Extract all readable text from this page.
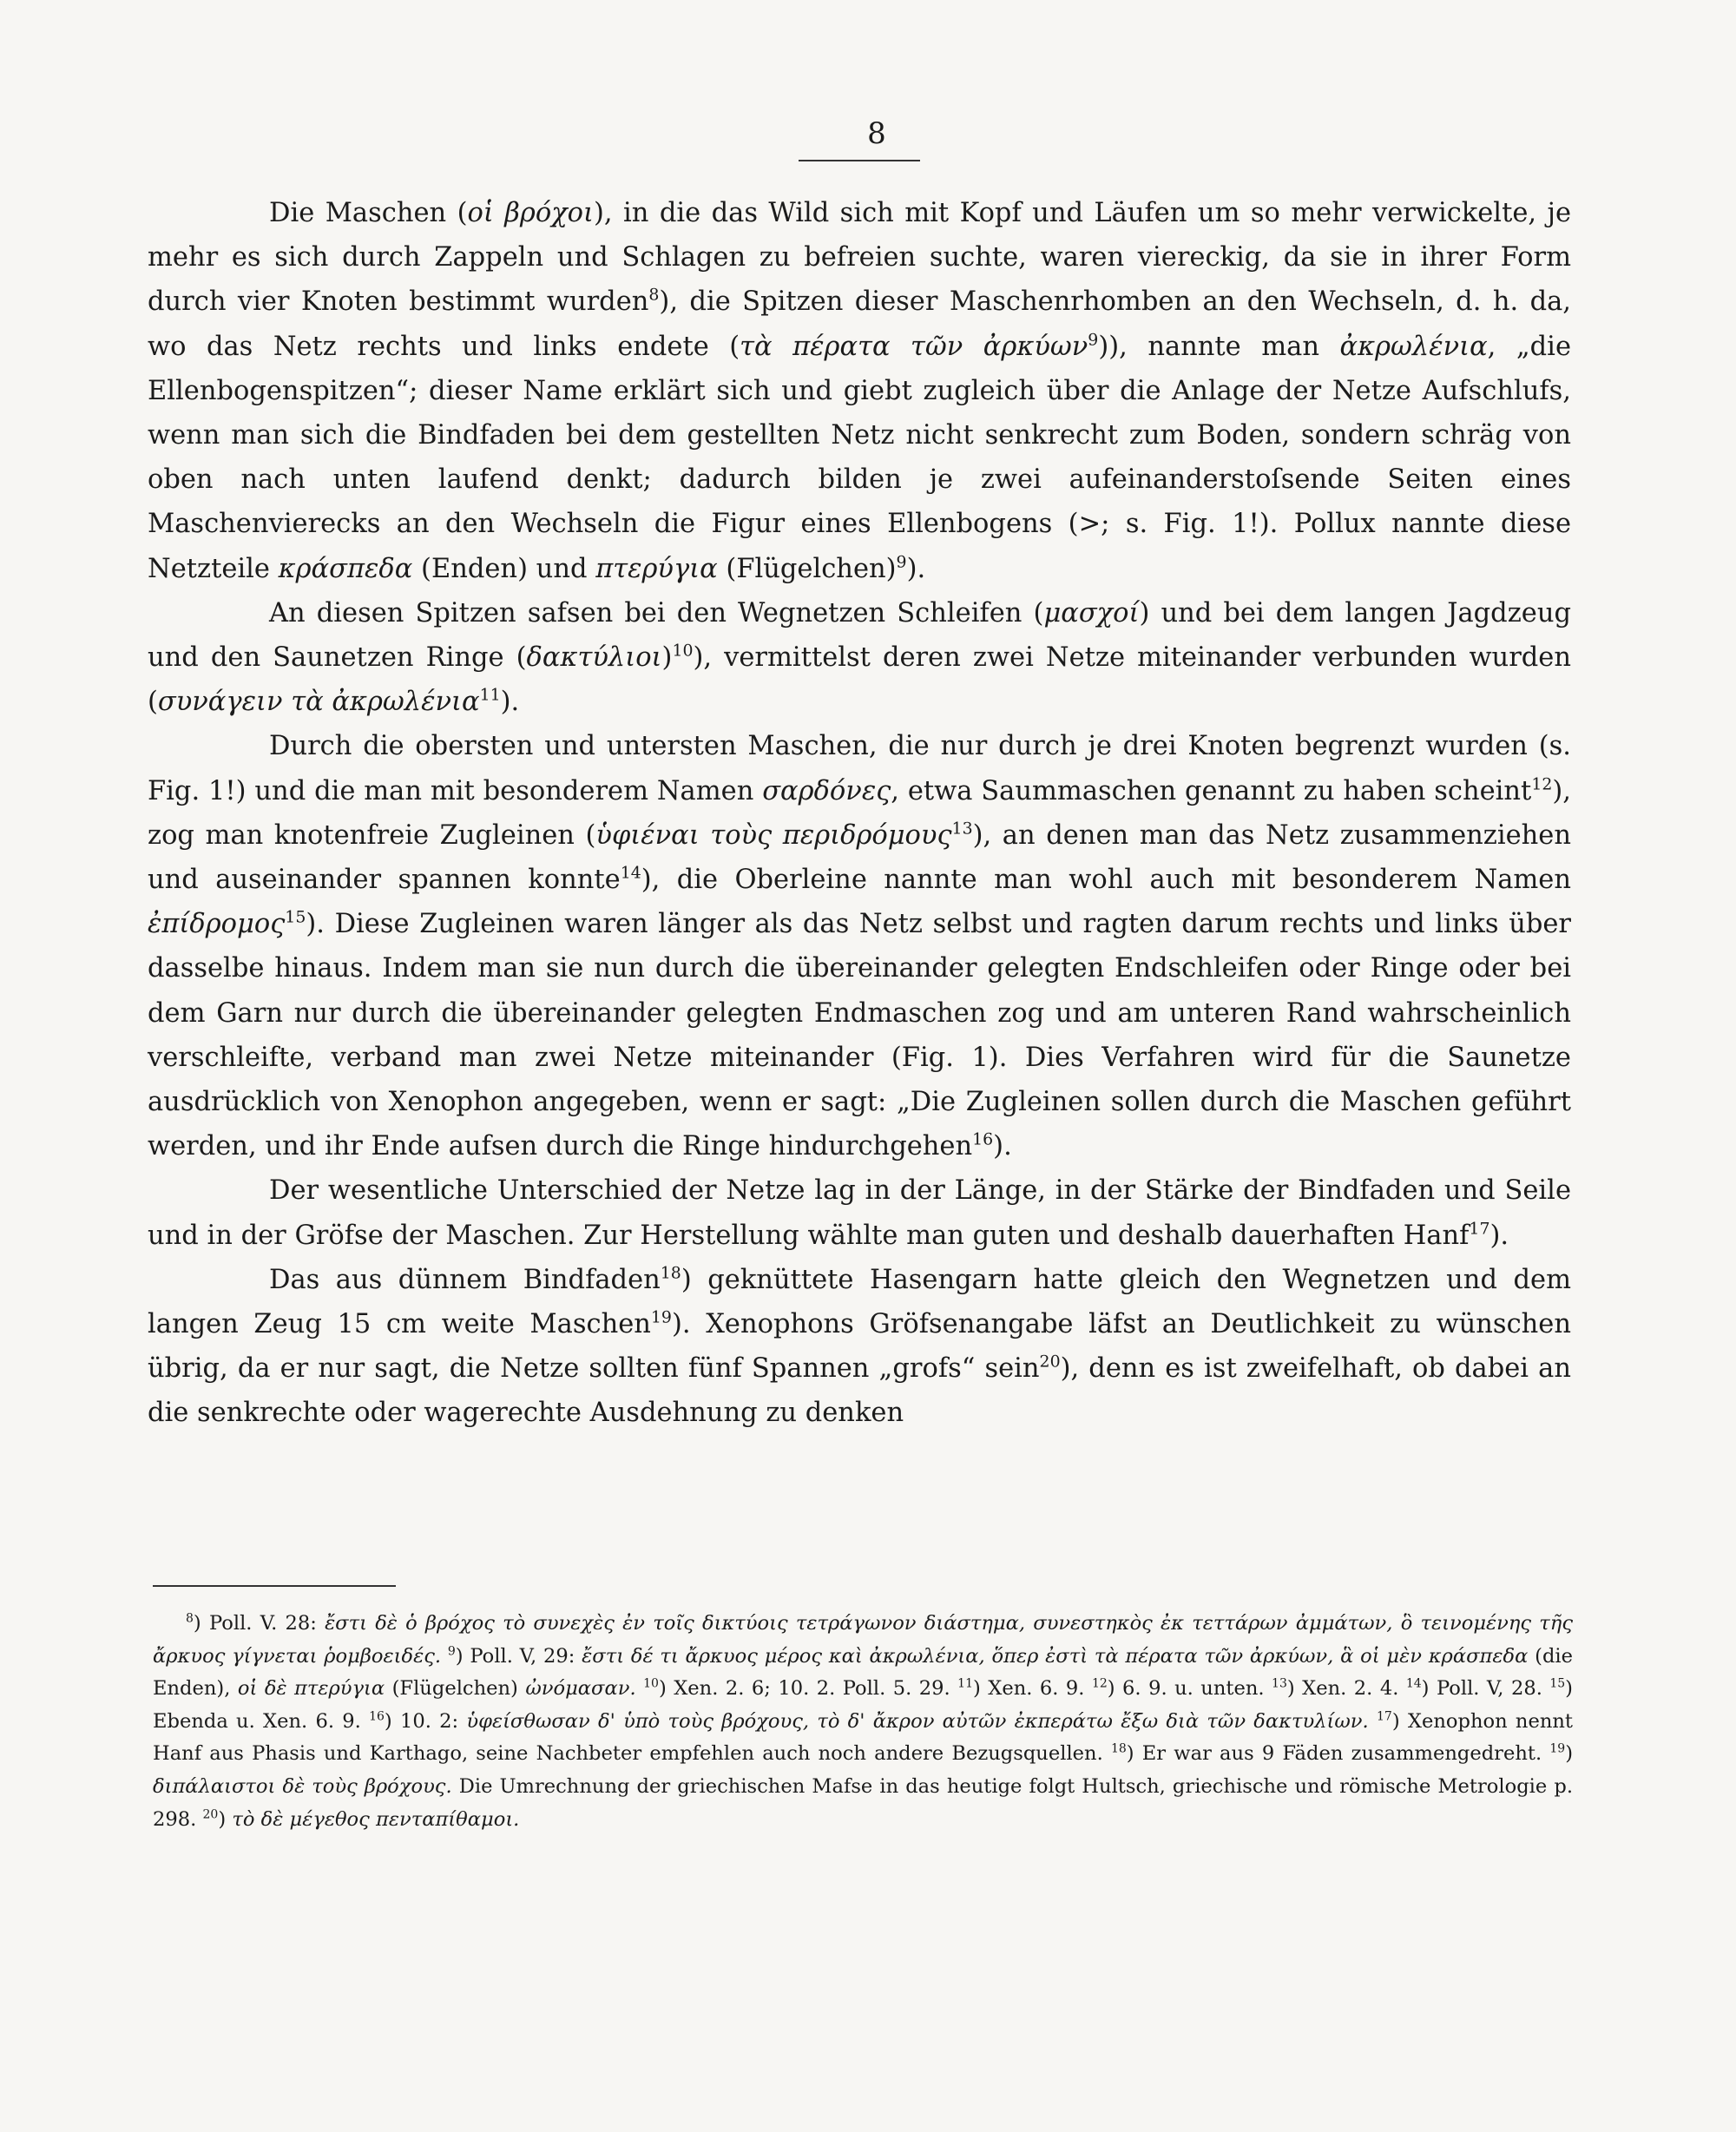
8

Die Maschen (οἱ βρόχοι), in die das Wild sich mit Kopf und Läufen um so mehr verwickelte, je mehr es sich durch Zappeln und Schlagen zu befreien suchte, waren viereckig, da sie in ihrer Form durch vier Knoten bestimmt wurden$^8$), die Spitzen dieser Maschenrhomben an den Wechseln, d. h. da, wo das Netz rechts und links endete (τὰ πέρατα τῶν ἀρκύων$^9$)), nannte man ἀκρωλένια, „die Ellenbogenspitzen“; dieser Name erklärt sich und giebt zugleich über die Anlage der Netze Aufschlufs, wenn man sich die Bindfaden bei dem gestellten Netz nicht senkrecht zum Boden, sondern schräg von oben nach unten laufend denkt; dadurch bilden je zwei aufeinanderstoſsende Seiten eines Maschenvierecks an den Wechseln die Figur eines Ellenbogens (>; s. Fig. 1!). Pollux nannte diese Netzteile κράσπεδα (Enden) und πτερύγια (Flügelchen)$^9$).

An diesen Spitzen safsen bei den Wegnetzen Schleifen (μασχοί) und bei dem langen Jagdzeug und den Saunetzen Ringe $(\delta\alpha\kappa\tau ύ\lambda\iota o\iota)^{10}$), vermittelst deren zwei Netze miteinander verbunden wurden (συνάγειν τὰ ἀκρωλένια$^{11}$).

Durch die obersten und untersten Maschen, die nur durch je drei Knoten begrenzt wurden (s. Fig. 1!) und die man mit besonderem Namen σαρδόνες, etwa Saummaschen genannt zu haben scheint$^{12}$), zog man knotenfreie Zugleinen (ὑφιέναι τοὺς περιδρόμους$^{13}$), an denen man das Netz zusammenziehen und auseinander spannen konnte$^{14}$), die Oberleine nannte man wohl auch mit besonderem Namen ἐπίδρομος$^{15}$). Diese Zugleinen waren länger als das Netz selbst und ragten darum rechts und links über dasselbe hinaus. Indem man sie nun durch die übereinander gelegten Endschleifen oder Ringe oder bei dem Garn nur durch die übereinander gelegten Endmaschen zog und am unteren Rand wahrscheinlich verschleifte, verband man zwei Netze miteinander (Fig. 1). Dies Verfahren wird für die Saunetze ausdrücklich von Xenophon angegeben, wenn er sagt: „Die Zugleinen sollen durch die Maschen geführt werden, und ihr Ende aufsen durch die Ringe hindurchgehen$^{16}$).

Der wesentliche Unterschied der Netze lag in der Länge, in der Stärke der Bindfaden und Seile und in der Gröfse der Maschen. Zur Herstellung wählte man guten und deshalb dauerhaften Hanf$^{17}$).

Das aus dünnem Bindfaden$^{18}$) geknüttete Hasengarn hatte gleich den Wegnetzen und dem langen Zeug 15 cm weite Maschen$^{19}$). Xenophons Gröfsenangabe läfst an Deutlichkeit zu wünschen übrig, da er nur sagt, die Netze sollten fünf Spannen „grofs“ sein$^{20}$), denn es ist zweifelhaft, ob dabei an die senkrechte oder wagerechte Ausdehnung zu denken

$^8$) Poll. V. 28: ἔστι δὲ ὁ βρόχος τὸ συνεχὲς ἐν τοῖς δικτύοις τετράγωνον διάστημα, συνεστηκὸς ἐκ τεττάρων ἀμμάτων, ὃ τεινομένης τῆς ἄρκυος γίγνεται ῥομβοειδές. $^9$) Poll. V, 29: ἔστι δέ τι ἄρκυος μέρος καὶ ἀκρωλένια, ὅπερ ἐστὶ τὰ πέρατα τῶν ἀρκύων, ἃ οἱ μὲν κράσπεδα (die Enden), οἱ δὲ πτερύγια (Flügelchen) ὠνόμασαν. $^{10}$) Xen. 2. 6; 10. 2. Poll. 5. 29. $^{11}$) Xen. 6. 9. $^{12}$) 6. 9. u. unten. $^{13}$) Xen. 2. 4. $^{14}$) Poll. V, 28. $^{15}$) Ebenda u. Xen. 6. 9. $^{16}$) 10. 2: ὑφείσθωσαν δ' ὑπὸ τοὺς βρόχους, τὸ δ' ἄκρον αὐτῶν ἐκπεράτω ἔξω διὰ τῶν δακτυλίων. $^{17}$) Xenophon nennt Hanf aus Phasis und Karthago, seine Nachbeter empfehlen auch noch andere Bezugsquellen. $^{18}$) Er war aus 9 Fäden zusammengedreht. $^{19}$) διπάλαιστοι δὲ τοὺς βρόχους. Die Umrechnung der griechischen Mafse in das heutige folgt Hultsch, griechische und römische Metrologie p. 298. $^{20}$) τὸ δὲ μέγεθος πενταπίθαμοι.
